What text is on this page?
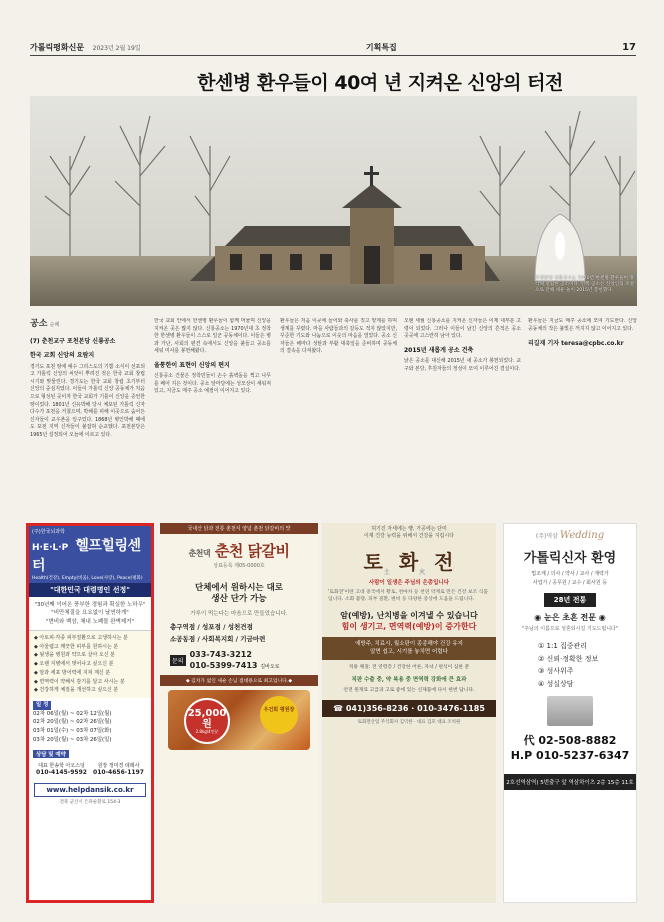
가톨릭평화신문 2023년 2월 19일	기획특집	17
한센병 환우들이 40여 년 지켜온 신앙의 터전
포천본당 신룡공소는 1970년 한센병 환우들이 정착해 설립한 공소이다. 왼쪽 공소는 신앙인의 조성으로 만해 세운 놀이 2015년 봉헌했다.
공소 순례
(7) 춘천교구 포천본당 신룡공소
한국 교회 신앙의 요람지

경기도 포천 땅에 예수 그리스도의 기쁨 소식이 선포되고 가톨릭 신앙의 씨앗이 뿌려진 것은 한국 교회 창립 시기와 맞물린다. 경기도는 한국 교회 창립 초기부터 신앙의 중심지였다. 이들이 가톨릭 신앙 공동체가 처음으로 형성된 곳이자 한국 교회가 기틀이 신앙을 증언한 땅이었다. 1801년 신유박해 당시 체포된 가톨릭 신자 다수가 포천을 거쳤으며, 박해를 피해 이곳으로 숨어든 신자들이 교우촌을 일구었다. 1868년 병인박해 때에도 포천 지역 신자들이 붙잡혀 순교했다. 포천본당은 1965년 설정되어 오늘에 이르고 있다.

한국 교회 안에서 한센병 환우들이 함께 머물며 신앙을 지켜온 곳은 많지 않다. 신룡공소는 1970년대 초 정착한 한센병 환우들이 스스로 일군 공동체이다. 이들은 병과 가난, 사회의 편견 속에서도 신앙을 붙들고 공소를 세워 미사를 봉헌해왔다.

울퉁한이 표현이 신앙의 편지

신룡공소 건물은 정착민들이 손수 흙벽돌을 찍고 나무를 베어 지은 것이다. 공소 앞마당에는 성모상이 세워져 있고, 지금도 매주 공소 예절이 이어지고 있다.

환우들은 처음 이곳에 들어와 축사를 짓고 양계를 하며 생계를 꾸렸다. 마을 사람들과의 갈등도 적지 않았지만, 꾸준한 기도와 나눔으로 이웃의 마음을 열었다. 공소 신자들은 해마다 성탄과 부활 대축일을 준비하며 공동체의 결속을 다져왔다.

오랜 세월 신룡공소를 지켜온 신자들은 이제 대부분 고령이 되었다. 그러나 이들이 남긴 신앙의 흔적은 공소 곳곳에 고스란히 남아 있다.

2015년 새롭게 공소 건축

낡은 공소를 대신해 2015년 새 공소가 봉헌되었다. 교구와 본당, 후원자들의 정성이 모여 이루어진 결실이다.

환우들은 지금도 매주 공소에 모여 기도한다. 신앙 공동체의 작은 불빛은 꺼지지 않고 이어지고 있다.

리길재 기자 teresa@cpbc.co.kr
(주)한국뇌과학
H·E·L·P 헬프힐링센터
Health(건강), Empty(비움), Love(사랑), Peace(평화)
"대한민국 대령명인 선정"
"30년째 이어온 풍부한 경험과 확실한 노하우"
"비만체질을 요요없이 날씬하게"
"변비와 백삼, 체내 노폐물 완벽제거"
◆ 아토피·각종 피부질환으로 고생하시는 분
◆ 아울렵고 깨끗한 피부를 원하시는 분
◆ 뒷생을 병원과 약으로 살아 오신 분
◆ 오랜 지병에서 벗어나고 싶으신 분
◆ 암과 세포 방어력에 지쳐 계신 분
◆ 면역력이 약해서 감기를 달고 사시는 분
◆ 건강하게 체질을 개선하고 싶으신 분
일 정
02차 06일(월) ~ 02차 12일(월)
02차 20일(월) ~ 02차 26일(월)
03차 01일(수) ~ 03차 07일(화)
03차 20일(월) ~ 03차 26일(일)
상담 및 예약
대표 한송학 아오스딩
010-4145-9592
원장 정미경 데레사
010-4656-1197
www.helpdansik.co.kr
전북 군산시 은파순환로 154-3
국내산 닭과 전통 춘천식 양념 춘천 닭갈비의 맛
춘천댁 춘천 닭갈비
상표등록 제05-0000호
단체에서 원하시는 대로
생산 단가 가능
가루이 먹는다는 마음으로 만들었습니다.
총구역점 / 성포점 / 성천견점
소공동점 / 사회복지회 / 기금마련
문의
033-743-3212
010-5399-7413 김바오로
◆ 김치가 없인 새순 손님 접대용으로 최고입니다.◆
25,000원
2.8kg/4인분
우건회 평원장
허기진 자세에는 빵, 가공에는 단미
이제 건강 능력을 위해서 건강을 지킵시다
토$_土$ 화$_火$ 전
사람이 일생은 주님의 은총입니다
'토화전'이란 고대 중국에서 황토, 천마차 등 천연 약재로 만든 건강 보조 식품입니다. 소화 불량, 피부 질환, 변비 등 다양한 증상에 도움을 드립니다.
암(예방), 난치병을 이겨낼 수 있습니다
힘이 생기고, 면역력(예방)이 증가한다
예방주, 치료시, 월소판이 종종해야 건강 유지
알면 쉽고, 시기를 놓치면 어렵다
적용 체질: 전 연령층 / 건강한 어른, 자녀 / 편식이 심한 분
직판 수출 중, 약 복용 중 면역력 강화에 큰 효과
안전 원재료 고급과 고로 좋에 있는 신제품에 다시 한번 답니다.
☎ 041)356-8236 · 010-3476-1185
토화면산업 주식회사 김익한 · 대표 김모 대표 조칙원
(주)역삼 Wedding
가톨릭신자 환영
법조계 / 의사 / 약사 / 교사 / 재력가
사업가 / 공무원 / 교수 / 회사원 등
28년 전통
◉ 눈은 초혼 전문 ◉
"주님의 이름으로 성혼되시길 기도드립니다"
① 1:1 집중관리
② 신뢰·정확한 정보
③ 성사위주
④ 성실상담
代 02-508-8882
H.P 010-5237-6347
2호선역삼역) 5번출구 앞 역삼하이츠 2층 15층 11호
